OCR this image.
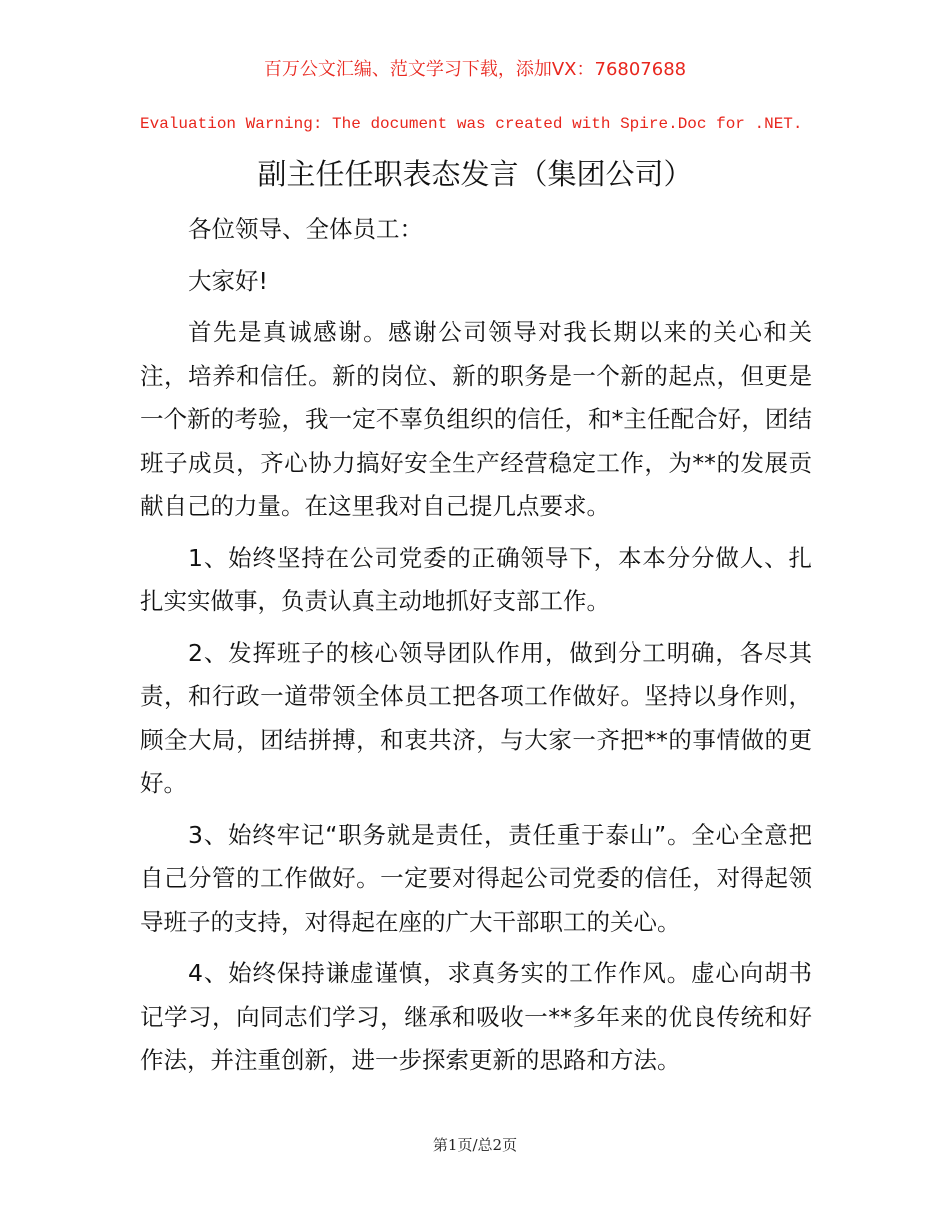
百万公文汇编、范文学习下载，添加VX：76807688
Evaluation Warning: The document was created with Spire.Doc for .NET.
副主任任职表态发言（集团公司）

各位领导、全体员工：

大家好!

首先是真诚感谢。感谢公司领导对我长期以来的关心和关注，培养和信任。新的岗位、新的职务是一个新的起点，但更是一个新的考验，我一定不辜负组织的信任，和*主任配合好，团结班子成员，齐心协力搞好安全生产经营稳定工作，为**的发展贡献自己的力量。在这里我对自己提几点要求。

1、始终坚持在公司党委的正确领导下，本本分分做人、扎扎实实做事，负责认真主动地抓好支部工作。

2、发挥班子的核心领导团队作用，做到分工明确，各尽其责，和行政一道带领全体员工把各项工作做好。坚持以身作则，顾全大局，团结拼搏，和衷共济，与大家一齐把**的事情做的更好。

3、始终牢记“职务就是责任，责任重于泰山”。全心全意把自己分管的工作做好。一定要对得起公司党委的信任，对得起领导班子的支持，对得起在座的广大干部职工的关心。

4、始终保持谦虚谨慎，求真务实的工作作风。虚心向胡书记学习，向同志们学习，继承和吸收一**多年来的优良传统和好作法，并注重创新，进一步探索更新的思路和方法。

第1页/总2页
